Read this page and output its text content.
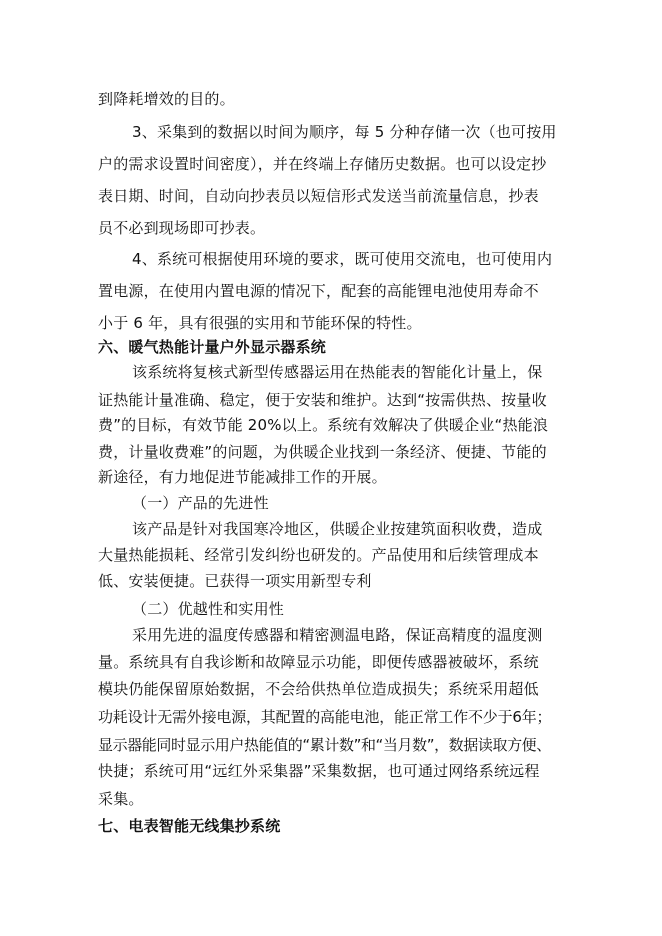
到降耗增效的目的。
3、采集到的数据以时间为顺序，每 5 分种存储一次（也可按用
户的需求设置时间密度），并在终端上存储历史数据。也可以设定抄
表日期、时间，自动向抄表员以短信形式发送当前流量信息，抄表
员不必到现场即可抄表。
4、系统可根据使用环境的要求，既可使用交流电，也可使用内
置电源，在使用内置电源的情况下，配套的高能锂电池使用寿命不
小于 6 年，具有很强的实用和节能环保的特性。
六、暖气热能计量户外显示器系统
该系统将复核式新型传感器运用在热能表的智能化计量上，保
证热能计量准确、稳定，便于安装和维护。达到“按需供热、按量收
费”的目标，有效节能 20%以上。系统有效解决了供暖企业“热能浪
费，计量收费难”的问题，为供暖企业找到一条经济、便捷、节能的
新途径，有力地促进节能减排工作的开展。
（一）产品的先进性
该产品是针对我国寒冷地区，供暖企业按建筑面积收费，造成
大量热能损耗、经常引发纠纷也研发的。产品使用和后续管理成本
低、安装便捷。已获得一项实用新型专利
（二）优越性和实用性
采用先进的温度传感器和精密测温电路，保证高精度的温度测
量。系统具有自我诊断和故障显示功能，即便传感器被破坏，系统
模块仍能保留原始数据，不会给供热单位造成损失；系统采用超低
功耗设计无需外接电源，其配置的高能电池，能正常工作不少于6年；
显示器能同时显示用户热能值的“累计数”和“当月数”，数据读取方便、
快捷；系统可用“远红外采集器”采集数据，也可通过网络系统远程
采集。
七、电表智能无线集抄系统
